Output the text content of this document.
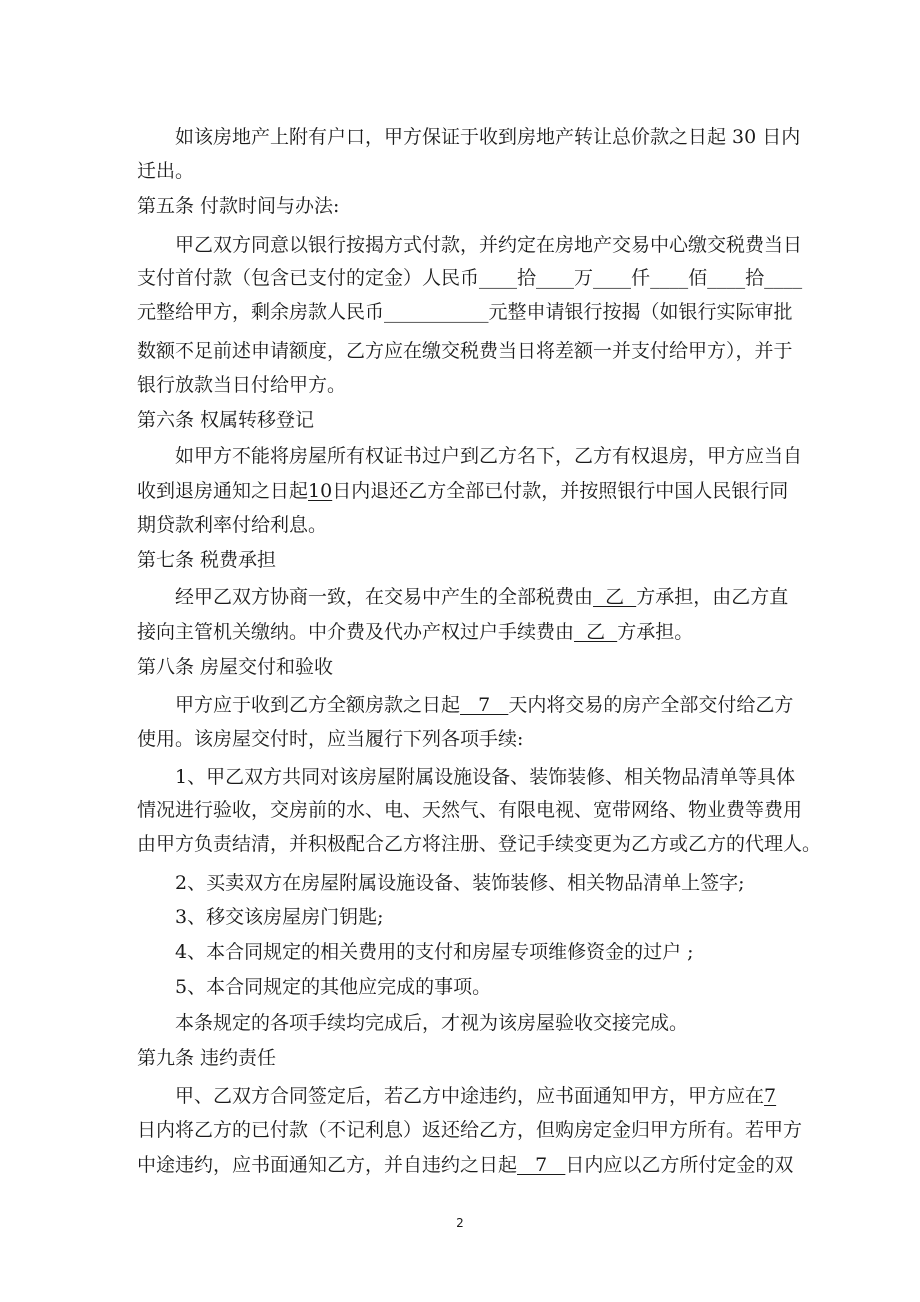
如该房地产上附有户口，甲方保证于收到房地产转让总价款之日起 30 日内
迁出。
第五条 付款时间与办法:
甲乙双方同意以银行按揭方式付款，并约定在房地产交易中心缴交税费当日
支付首付款（包含已支付的定金）人民币____拾____万____仟____佰____拾____
元整给甲方，剩余房款人民币___________元整申请银行按揭（如银行实际审批
数额不足前述申请额度，乙方应在缴交税费当日将差额一并支付给甲方），并于
银行放款当日付给甲方。
第六条 权属转移登记
如甲方不能将房屋所有权证书过户到乙方名下，乙方有权退房，甲方应当自
收到退房通知之日起10日内退还乙方全部已付款，并按照银行中国人民银行同
期贷款利率付给利息。
第七条 税费承担
经甲乙双方协商一致，在交易中产生的全部税费由  乙  方承担，由乙方直
接向主管机关缴纳。中介费及代办产权过户手续费由  乙  方承担。
第八条 房屋交付和验收
甲方应于收到乙方全额房款之日起   7   天内将交易的房产全部交付给乙方
使用。该房屋交付时，应当履行下列各项手续:
1、甲乙双方共同对该房屋附属设施设备、装饰装修、相关物品清单等具体
情况进行验收，交房前的水、电、天然气、有限电视、宽带网络、物业费等费用
由甲方负责结清，并积极配合乙方将注册、登记手续变更为乙方或乙方的代理人。
2、买卖双方在房屋附属设施设备、装饰装修、相关物品清单上签字;
3、移交该房屋房门钥匙;
4、本合同规定的相关费用的支付和房屋专项维修资金的过户 ;
5、本合同规定的其他应完成的事项。
本条规定的各项手续均完成后，才视为该房屋验收交接完成。
第九条 违约责任
甲、乙双方合同签定后，若乙方中途违约，应书面通知甲方，甲方应在7
日内将乙方的已付款（不记利息）返还给乙方，但购房定金归甲方所有。若甲方
中途违约，应书面通知乙方，并自违约之日起   7   日内应以乙方所付定金的双
2
